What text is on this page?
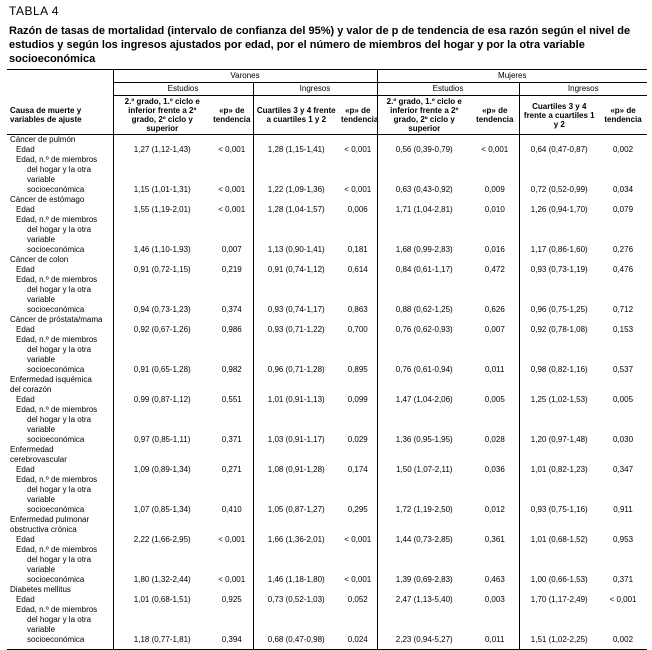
TABLA 4
Razón de tasas de mortalidad (intervalo de confianza del 95%) y valor de p de tendencia de esa razón según el nivel de estudios y según los ingresos ajustados por edad, por el número de miembros del hogar y por la otra variable socioeconómica
	Varones				Mujeres			
	Estudios		Ingresos		Estudios		Ingresos	
Causa de muerte y variables de ajuste	2.º grado, 1.º ciclo e inferior frente a 2º grado, 2º ciclo y superior	«p» de tendencia	Cuartiles 3 y 4 frente a cuartiles 1 y 2	«p» de tendencia	2.º grado, 1.º ciclo e inferior frente a 2º grado, 2º ciclo y superior	«p» de tendencia	Cuartiles 3 y 4 frente a cuartiles 1 y 2	«p» de tendencia
Cáncer de pulmón								
Edad	1,27 (1,12-1,43)	< 0,001	1,28 (1,15-1,41)	< 0,001	0,56 (0,39-0,79)	< 0,001	0,64 (0,47-0,87)	0,002
Edad, n.º de miembros								
del hogar y la otra								
variable								
socioeconómica	1,15 (1,01-1,31)	< 0,001	1,22 (1,09-1,36)	< 0,001	0,63 (0,43-0,92)	0,009	0,72 (0,52-0,99)	0,034
Cáncer de estómago								
Edad	1,55 (1,19-2,01)	< 0,001	1,28 (1,04-1,57)	0,006	1,71 (1,04-2,81)	0,010	1,26 (0,94-1,70)	0,079
Edad, n.º de miembros								
del hogar y la otra								
variable								
socioeconómica	1,46 (1,10-1,93)	0,007	1,13 (0,90-1,41)	0,181	1,68 (0,99-2,83)	0,016	1,17 (0,86-1,60)	0,276
Cáncer de colon								
Edad	0,91 (0,72-1,15)	0,219	0,91 (0,74-1,12)	0,614	0,84 (0,61-1,17)	0,472	0,93 (0,73-1,19)	0,476
Edad, n.º de miembros								
del hogar y la otra								
variable								
socioeconómica	0,94 (0,73-1,23)	0,374	0,93 (0,74-1,17)	0,863	0,88 (0,62-1,25)	0,626	0,96 (0,75-1,25)	0,712
Cáncer de próstata/mama								
Edad	0,92 (0,67-1,26)	0,986	0,93 (0,71-1,22)	0,700	0,76 (0,62-0,93)	0,007	0,92 (0,78-1,08)	0,153
Edad, n.º de miembros								
del hogar y la otra								
variable								
socioeconómica	0,91 (0,65-1,28)	0,982	0,96 (0,71-1,28)	0,895	0,76 (0,61-0,94)	0,011	0,98 (0,82-1,16)	0,537
Enfermedad isquémica								
del corazón								
Edad	0,99 (0,87-1,12)	0,551	1,01 (0,91-1,13)	0,099	1,47 (1,04-2,06)	0,005	1,25 (1,02-1,53)	0,005
Edad, n.º de miembros								
del hogar y la otra								
variable								
socioeconómica	0,97 (0,85-1,11)	0,371	1,03 (0,91-1,17)	0,029	1,36 (0,95-1,95)	0,028	1,20 (0,97-1,48)	0,030
Enfermedad								
cerebrovascular								
Edad	1,09 (0,89-1,34)	0,271	1,08 (0,91-1,28)	0,174	1,50 (1,07-2,11)	0,036	1,01 (0,82-1,23)	0,347
Edad, n.º de miembros								
del hogar y la otra								
variable								
socioeconómica	1,07 (0,85-1,34)	0,410	1,05 (0,87-1,27)	0,295	1,72 (1,19-2,50)	0,012	0,93 (0,75-1,16)	0,911
Enfermedad pulmonar								
obstructiva crónica								
Edad	2,22 (1,66-2,95)	< 0,001	1,66 (1,36-2,01)	< 0,001	1,44 (0,73-2,85)	0,361	1,01 (0,68-1,52)	0,953
Edad, n.º de miembros								
del hogar y la otra								
variable								
socioeconómica	1,80 (1,32-2,44)	< 0,001	1,46 (1,18-1,80)	< 0,001	1,39 (0,69-2,83)	0,463	1,00 (0,66-1,53)	0,371
Diabetes mellitus								
Edad	1,01 (0,68-1,51)	0,925	0,73 (0,52-1,03)	0,052	2,47 (1,13-5,40)	0,003	1,70 (1,17-2,49)	< 0,001
Edad, n.º de miembros								
del hogar y la otra								
variable								
socioeconómica	1,18 (0,77-1,81)	0,394	0,68 (0,47-0,98)	0,024	2,23 (0,94-5,27)	0,011	1,51 (1,02-2,25)	0,002
